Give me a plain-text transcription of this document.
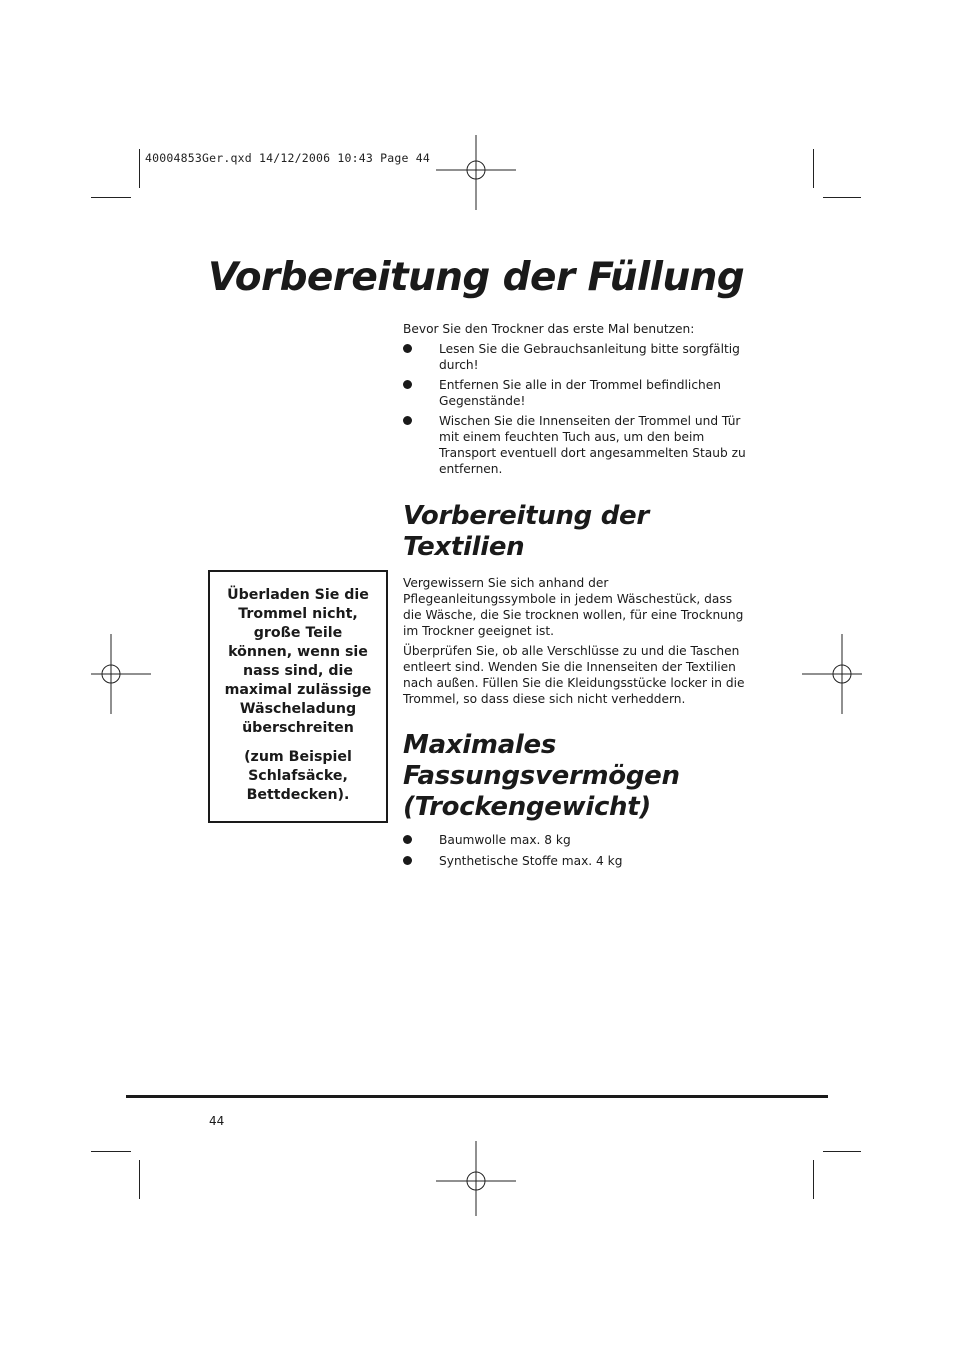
40004853Ger.qxd 14/12/2006 10:43 Page 44
Vorbereitung der Füllung

Bevor Sie den Trockner das erste Mal benutzen:

Lesen Sie die Gebrauchsanleitung bitte sorgfältig durch!
Entfernen Sie alle in der Trommel befindlichen Gegenstände!
Wischen Sie die Innenseiten der Trommel und Tür mit einem feuchten Tuch aus, um den beim Transport eventuell dort angesammelten Staub zu entfernen.
Vorbereitung der
Textilien

Vergewissern Sie sich anhand der Pflegeanleitungssymbole in jedem Wäschestück, dass die Wäsche, die Sie trocknen wollen, für eine Trocknung im Trockner geeignet ist.

Überprüfen Sie, ob alle Verschlüsse zu und die Taschen entleert sind. Wenden Sie die Innenseiten der Textilien nach außen. Füllen Sie die Kleidungsstücke locker in die Trommel, so dass diese sich nicht verheddern.

Maximales
Fassungsvermögen
(Trockengewicht)
Baumwolle max. 8 kg
Synthetische Stoffe max. 4 kg

Überladen Sie die Trommel nicht, große Teile können, wenn sie nass sind, die maximal zulässige Wäscheladung überschreiten

(zum Beispiel Schlafsäcke, Bettdecken).

44
